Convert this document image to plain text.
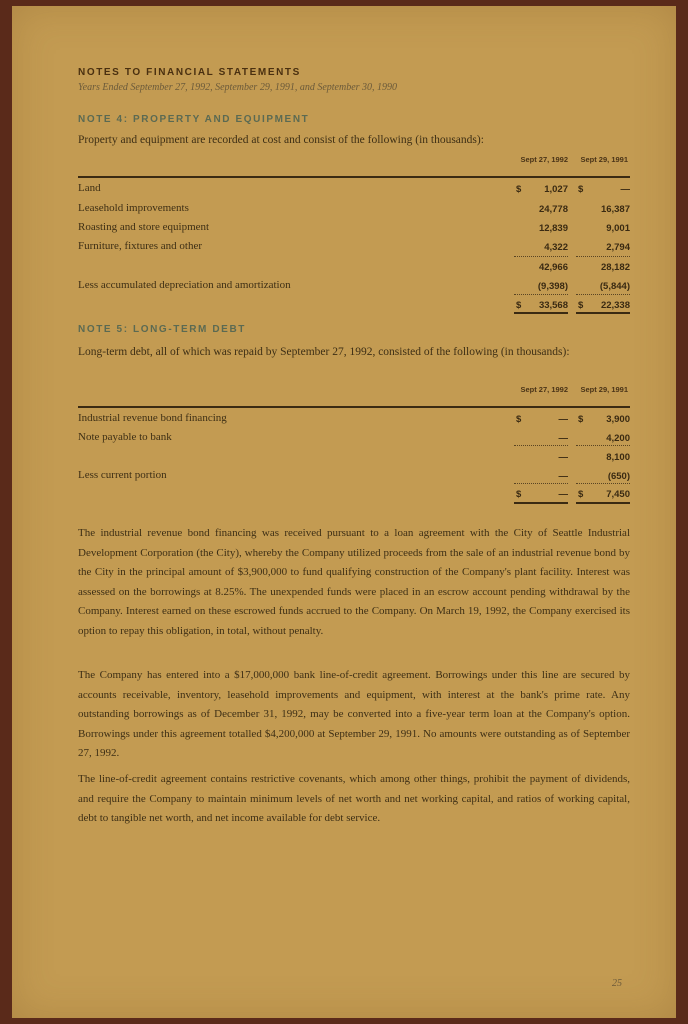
NOTES TO FINANCIAL STATEMENTS
Years Ended September 27, 1992, September 29, 1991, and September 30, 1990
NOTE 4: PROPERTY AND EQUIPMENT
Property and equipment are recorded at cost and consist of the following (in thousands):
Sept 27, 1992	Sept 29, 1991
Land	$	1,027 $	—
Leasehold improvements	24,778	16,387
Roasting and store equipment	12,839	9,001
Furniture, fixtures and other	4,322	2,794
42,966	28,182
Less accumulated depreciation and amortization	(9,398)	(5,844)
$	33,568 $	22,338
NOTE 5: LONG-TERM DEBT
Long-term debt, all of which was repaid by September 27, 1992, consisted of the following (in thousands):
Sept 27, 1992	Sept 29, 1991
Industrial revenue bond financing	$	— $	3,900
Note payable to bank	—	4,200
—	8,100
Less current portion	—	(650)
$	— $	7,450
The industrial revenue bond financing was received pursuant to a loan agreement with the City of Seattle Industrial Development Corporation (the City), whereby the Company utilized proceeds from the sale of an industrial revenue bond by the City in the principal amount of $3,900,000 to fund qualifying construction of the Company's plant facility. Interest was assessed on the borrowings at 8.25%. The unexpended funds were placed in an escrow account pending withdrawal by the Company. Interest earned on these escrowed funds accrued to the Company. On March 19, 1992, the Company exercised its option to repay this obligation, in total, without penalty.
The Company has entered into a $17,000,000 bank line-of-credit agreement. Borrowings under this line are secured by accounts receivable, inventory, leasehold improvements and equipment, with interest at the bank's prime rate. Any outstanding borrowings as of December 31, 1992, may be converted into a five-year term loan at the Company's option. Borrowings under this agreement totalled $4,200,000 at September 29, 1991. No amounts were outstanding as of September 27, 1992.
The line-of-credit agreement contains restrictive covenants, which among other things, prohibit the payment of dividends, and require the Company to maintain minimum levels of net worth and net working capital, and ratios of working capital, debt to tangible net worth, and net income available for debt service.
25
